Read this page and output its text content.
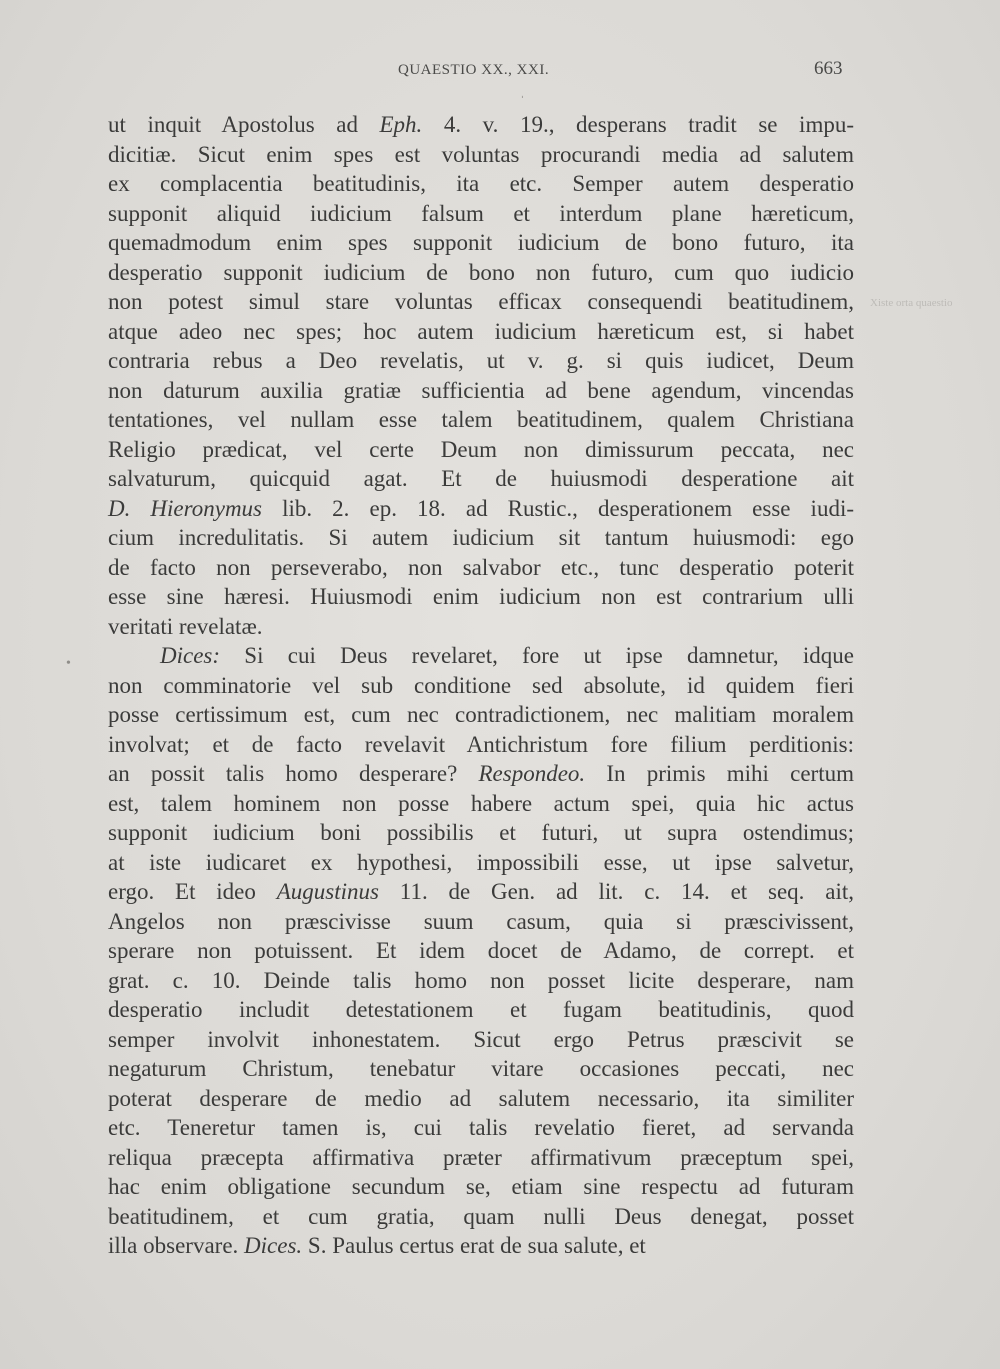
QUAESTIO XX., XXI.	663
Xiste orta quaestio
•
ˌ
ut inquit Apostolus ad Eph. 4. v. 19., desperans tradit se impu-
dicitiæ. Sicut enim spes est voluntas procurandi media ad salutem
ex complacentia beatitudinis, ita etc. Semper autem desperatio
supponit aliquid iudicium falsum et interdum plane hæreticum,
quemadmodum enim spes supponit iudicium de bono futuro, ita
desperatio supponit iudicium de bono non futuro, cum quo iudicio
non potest simul stare voluntas efficax consequendi beatitudinem,
atque adeo nec spes; hoc autem iudicium hæreticum est, si habet
contraria rebus a Deo revelatis, ut v. g. si quis iudicet, Deum
non daturum auxilia gratiæ sufficientia ad bene agendum, vincendas
tentationes, vel nullam esse talem beatitudinem, qualem Christiana
Religio prædicat, vel certe Deum non dimissurum peccata, nec
salvaturum, quicquid agat. Et de huiusmodi desperatione ait
D. Hieronymus lib. 2. ep. 18. ad Rustic., desperationem esse iudi-
cium incredulitatis. Si autem iudicium sit tantum huiusmodi: ego
de facto non perseverabo, non salvabor etc., tunc desperatio poterit
esse sine hæresi. Huiusmodi enim iudicium non est contrarium ulli
veritati revelatæ.
Dices: Si cui Deus revelaret, fore ut ipse damnetur, idque
non comminatorie vel sub conditione sed absolute, id quidem fieri
posse certissimum est, cum nec contradictionem, nec malitiam moralem
involvat; et de facto revelavit Antichristum fore filium perditionis:
an possit talis homo desperare? Respondeo. In primis mihi certum
est, talem hominem non posse habere actum spei, quia hic actus
supponit iudicium boni possibilis et futuri, ut supra ostendimus;
at iste iudicaret ex hypothesi, impossibili esse, ut ipse salvetur,
ergo. Et ideo Augustinus 11. de Gen. ad lit. c. 14. et seq. ait,
Angelos non præscivisse suum casum, quia si præscivissent,
sperare non potuissent. Et idem docet de Adamo, de corrept. et
grat. c. 10. Deinde talis homo non posset licite desperare, nam
desperatio includit detestationem et fugam beatitudinis, quod
semper involvit inhonestatem. Sicut ergo Petrus præscivit se
negaturum Christum, tenebatur vitare occasiones peccati, nec
poterat desperare de medio ad salutem necessario, ita similiter
etc. Teneretur tamen is, cui talis revelatio fieret, ad servanda
reliqua præcepta affirmativa præter affirmativum præceptum spei,
hac enim obligatione secundum se, etiam sine respectu ad futuram
beatitudinem, et cum gratia, quam nulli Deus denegat, posset
illa observare. Dices. S. Paulus certus erat de sua salute, et
